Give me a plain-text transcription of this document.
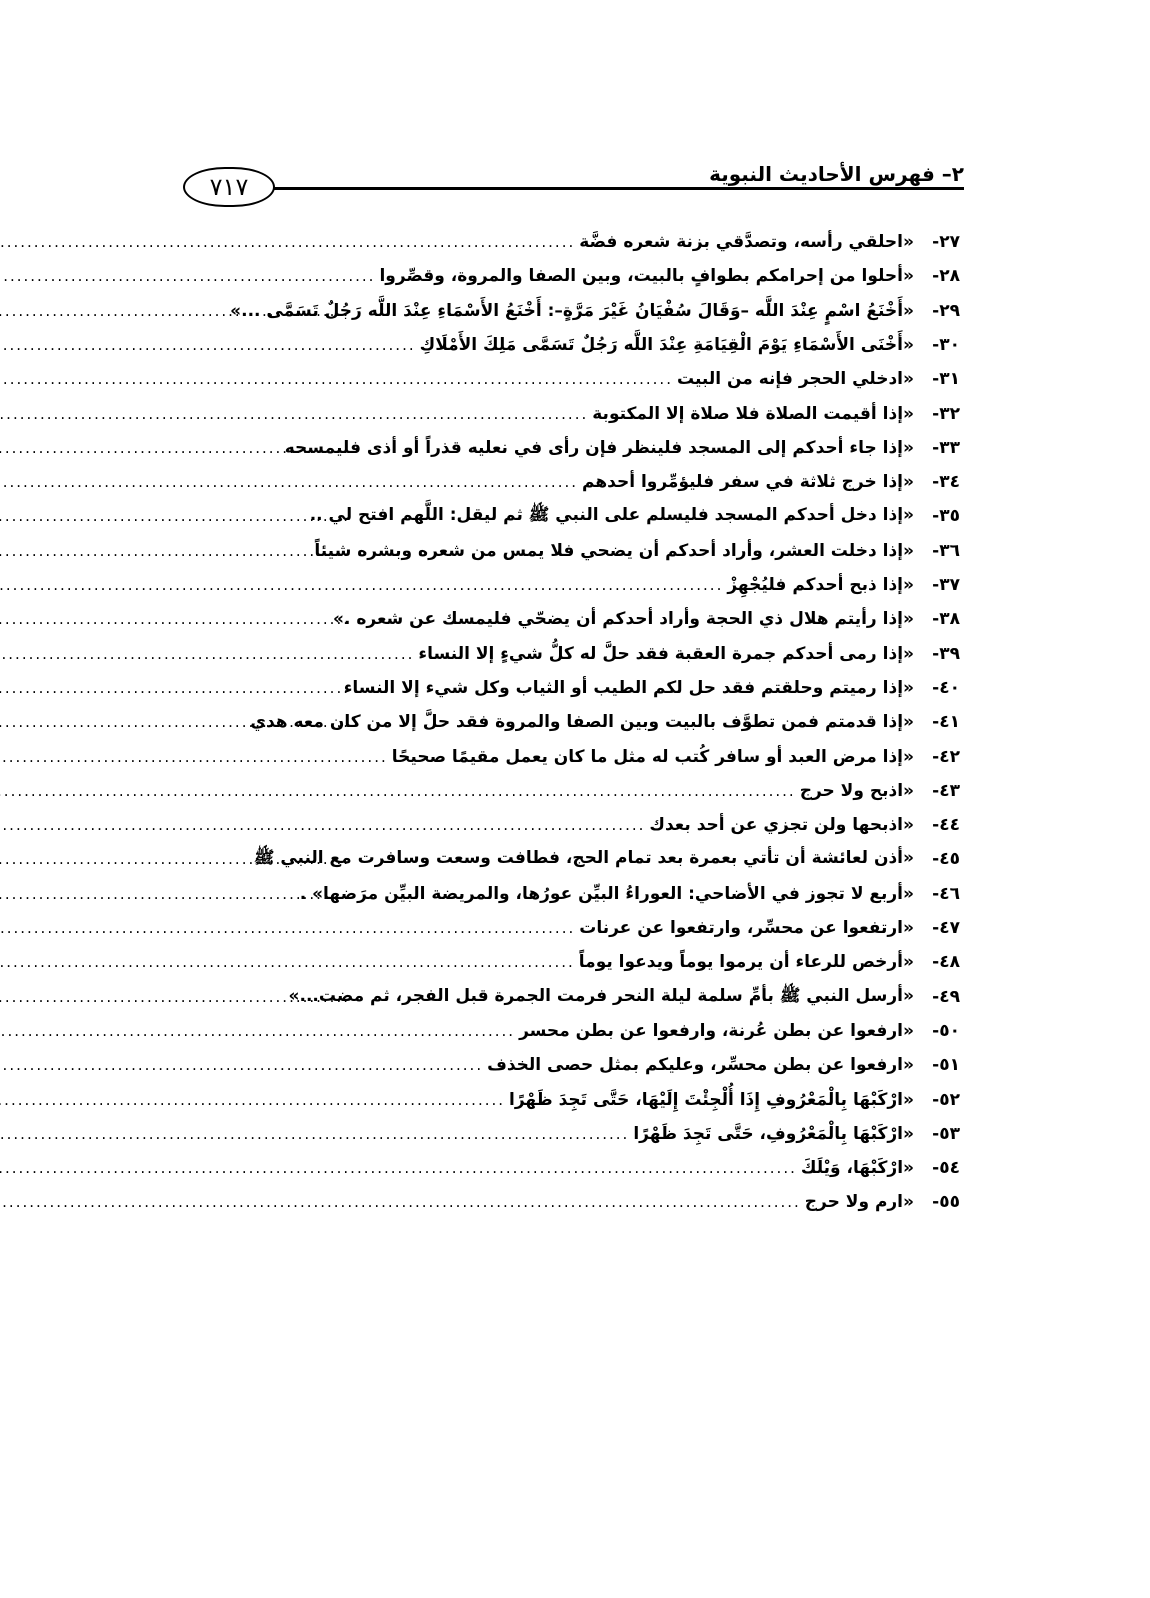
٢– فهرس الأحاديث النبوية
٧١٧
٢٧-
«احلقي رأسه، وتصدَّقي بزنة شعره فضَّة
.....
٢٨-
«أحلوا من إحرامكم بطوافٍ بالبيت، وبين الصفا والمروة، وقصِّروا
.....
٢٩-
«أَخْنَعُ اسْمٍ عِنْدَ اللَّه –وَقَالَ سُفْيَانُ غَيْرَ مَرَّةٍ–: أَخْنَعُ الأَسْمَاءِ عِنْدَ اللَّه رَجُلٌ تَسَمَّى ...»
.....
٣٠-
«أَخْنَى الأَسْمَاءِ يَوْمَ الْقِيَامَةِ عِنْدَ اللَّه رَجُلٌ تَسَمَّى مَلِكَ الأَمْلَاكِ
.....
٣١-
«ادخلي الحجر فإنه من البيت
.....
٣٢-
«إذا أقيمت الصلاة فلا صلاة إلا المكتوبة
.....
٣٣-
«إذا جاء أحدكم إلى المسجد فلينظر فإن رأى في نعليه قذراً أو أذى فليمسحه
.....
٣٤-
«إذا خرج ثلاثة في سفر فليؤمِّروا أحدهم
.....
٣٥-
«إذا دخل أحدكم المسجد فليسلم على النبي ﷺ ثم ليقل: اللَّهم افتح لي ..
.....
٣٦-
«إذا دخلت العشر، وأراد أحدكم أن يضحي فلا يمس من شعره وبشره شيئاً
.....
٣٧-
«إذا ذبح أحدكم فليُجْهِزْ
.....
٣٨-
«إذا رأيتم هلال ذي الحجة وأراد أحدكم أن يضحّي فليمسك عن شعره .»
.....
٣٩-
«إذا رمى أحدكم جمرة العقبة فقد حلَّ له كلُّ شيءٍ إلا النساء
.....
٤٠-
«إذا رميتم وحلقتم فقد حل لكم الطيب أو الثياب وكل شيء إلا النساء
.....
٤١-
«إذا قدمتم فمن تطوَّف بالبيت وبين الصفا والمروة فقد حلَّ إلا من كان معه هدي
.....
٤٢-
«إذا مرض العبد أو سافر كُتب له مثل ما كان يعمل مقيمًا صحيحًا
.....
٤٣-
«اذبح ولا حرج
.....
٤٤-
«اذبحها ولن تجزي عن أحد بعدك
.....
٤٥-
«أذن لعائشة أن تأتي بعمرة بعد تمام الحج، فطافت وسعت وسافرت مع النبي ﷺ
.....
٤٦-
«أربع لا تجوز في الأضاحي: العوراءُ البيِّن عورُها، والمريضة البيِّن مرَضها» .
.....
٤٧-
«ارتفعوا عن محسِّر، وارتفعوا عن عرنات
.....
٤٨-
«أرخص للرعاء أن يرموا يوماً ويدعوا يوماً
.....
٤٩-
«أرسل النبي ﷺ بأمِّ سلمة ليلة النحر فرمت الجمرة قبل الفجر، ثم مضت...»
.....
٥٠-
«ارفعوا عن بطن عُرنة، وارفعوا عن بطن محسر
.....
٥١-
«ارفعوا عن بطن محسِّر، وعليكم بمثل حصى الخذف
.....
٥٢-
«ارْكَبْهَا بِالْمَعْرُوفِ إِذَا أُلْجِئْتَ إِلَيْهَا، حَتَّى تَجِدَ ظَهْرًا
.....
٥٣-
«ارْكَبْهَا بِالْمَعْرُوفِ، حَتَّى تَجِدَ ظَهْرًا
.....
٥٤-
«ارْكَبْهَا، وَيْلَكَ
.....
٥٥-
«ارم ولا حرج
.....
